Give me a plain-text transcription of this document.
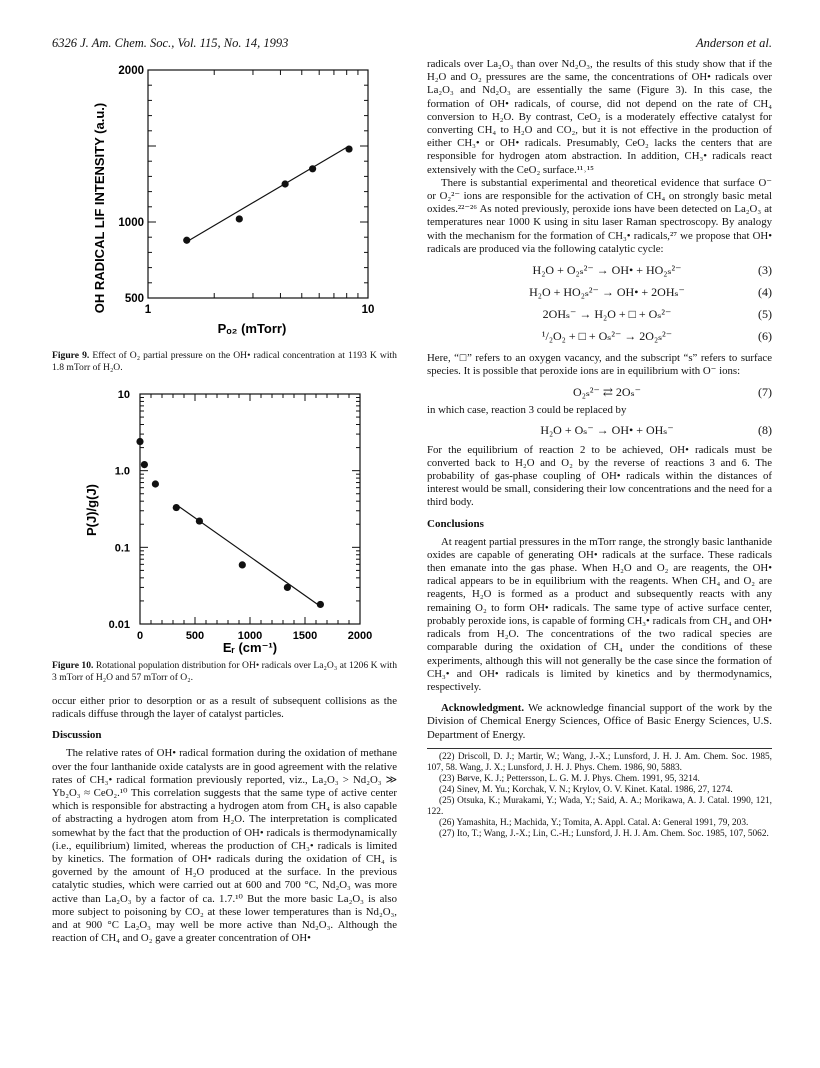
6326 J. Am. Chem. Soc., Vol. 115, No. 14, 1993	Anderson et al.
OH RADICAL LIF INTENSITY (a.u.)
Pₒ₂ (mTorr)
1	10
500
1000
2000
Figure 9. Effect of O₂ partial pressure on the OH• radical concentration at 1193 K with 1.8 mTorr of H₂O.
P(J)/g(J)
Eᵣ (cm⁻¹)
0	500	1000	1500	2000
0.01
0.1
1.0
10
Figure 10. Rotational population distribution for OH• radicals over La₂O₃ at 1206 K with 3 mTorr of H₂O and 57 mTorr of O₂.

occur either prior to desorption or as a result of subsequent collisions as the radicals diffuse through the layer of catalyst particles.

Discussion

The relative rates of OH• radical formation during the oxidation of methane over the four lanthanide oxide catalysts are in good agreement with the relative rates of CH₃• radical formation previously reported, viz., La₂O₃ > Nd₂O₃ ≫ Yb₂O₃ ≈ CeO₂.¹⁰ This correlation suggests that the same type of active center which is responsible for abstracting a hydrogen atom from CH₄ is also capable of abstracting a hydrogen atom from H₂O. The interpretation is complicated somewhat by the fact that the production of OH• radicals is thermodynamically (i.e., equilibrium) limited, whereas the production of CH₃• radicals is limited by kinetics. The formation of OH• radicals during the oxidation of CH₄ is governed by the amount of H₂O produced at the surface. In the previous catalytic studies, which were carried out at 600 and 700 °C, Nd₂O₃ was more active than La₂O₃ by a factor of ca. 1.7.¹⁰ But the more basic La₂O₃ is also more subject to poisoning by CO₂ at these lower temperatures than is Nd₂O₃, and at 900 °C La₂O₃ may well be more active than Nd₂O₃. Although the reaction of CH₄ and O₂ gave a greater concentration of OH•

radicals over La₂O₃ than over Nd₂O₃, the results of this study show that if the H₂O and O₂ pressures are the same, the concentrations of OH• radicals over La₂O₃ and Nd₂O₃ are essentially the same (Figure 3). In this case, the formation of OH• radicals, of course, did not depend on the rate of CH₄ conversion to H₂O. By contrast, CeO₂ is a moderately effective catalyst for converting CH₄ to H₂O and CO₂, but it is not effective in the production of either CH₃• or OH• radicals. Presumably, CeO₂ lacks the centers that are responsible for hydrogen atom abstraction. In addition, CH₃• radicals react extensively with the CeO₂ surface.¹¹˒¹⁵

There is substantial experimental and theoretical evidence that surface O⁻ or O₂²⁻ ions are responsible for the activation of CH₄ on strongly basic metal oxides.²²⁻²⁶ As noted previously, peroxide ions have been detected on La₂O₃ at temperatures near 1000 K using in situ laser Raman spectroscopy. By analogy with the mechanism for the formation of CH₃• radicals,²⁷ we propose that OH• radicals are produced via the following catalytic cycle:

H₂O + O₂ₛ²⁻ → OH• + HO₂ₛ²⁻	(3)
H₂O + HO₂ₛ²⁻ → OH• + 2OHₛ⁻	(4)
2OHₛ⁻ → H₂O + □ + Oₛ²⁻	(5)
¹/₂O₂ + □ + Oₛ²⁻ → 2O₂ₛ²⁻	(6)

Here, “□” refers to an oxygen vacancy, and the subscript “s” refers to surface species. It is possible that peroxide ions are in equilibrium with O⁻ ions:

O₂ₛ²⁻ ⇄ 2Oₛ⁻	(7)

in which case, reaction 3 could be replaced by

H₂O + Oₛ⁻ → OH• + OHₛ⁻	(8)

For the equilibrium of reaction 2 to be achieved, OH• radicals must be converted back to H₂O and O₂ by the reverse of reactions 3 and 6. The probability of gas-phase coupling of OH• radicals within the distances of interest would be small, considering their low concentrations and the need for a third body.

Conclusions

At reagent partial pressures in the mTorr range, the strongly basic lanthanide oxides are capable of generating OH• radicals at the surface. These radicals then emanate into the gas phase. When H₂O and O₂ are reagents, the OH• radical appears to be in equilibrium with the reagents. When CH₄ and O₂ are reagents, H₂O is formed as a product and subsequently reacts with any remaining O₂ to form OH• radicals. The same type of active surface center, probably peroxide ions, is capable of forming CH₃• radicals from CH₄ and OH• radicals from H₂O. The concentrations of the two radical species are comparable during the oxidation of CH₄ under the conditions of these experiments, although this will not generally be the case since the formation of CH₃• and OH• radicals is limited by kinetics and by thermodynamics, respectively.

Acknowledgment. We acknowledge financial support of the work by the Division of Chemical Energy Sciences, Office of Basic Energy Sciences, U.S. Department of Energy.

(22) Driscoll, D. J.; Martir, W.; Wang, J.-X.; Lunsford, J. H. J. Am. Chem. Soc. 1985, 107, 58. Wang, J. X.; Lunsford, J. H. J. Phys. Chem. 1986, 90, 5883.

(23) Børve, K. J.; Pettersson, L. G. M. J. Phys. Chem. 1991, 95, 3214.

(24) Sinev, M. Yu.; Korchak, V. N.; Krylov, O. V. Kinet. Katal. 1986, 27, 1274.

(25) Otsuka, K.; Murakami, Y.; Wada, Y.; Said, A. A.; Morikawa, A. J. Catal. 1990, 121, 122.

(26) Yamashita, H.; Machida, Y.; Tomita, A. Appl. Catal. A: General 1991, 79, 203.

(27) Ito, T.; Wang, J.-X.; Lin, C.-H.; Lunsford, J. H. J. Am. Chem. Soc. 1985, 107, 5062.
